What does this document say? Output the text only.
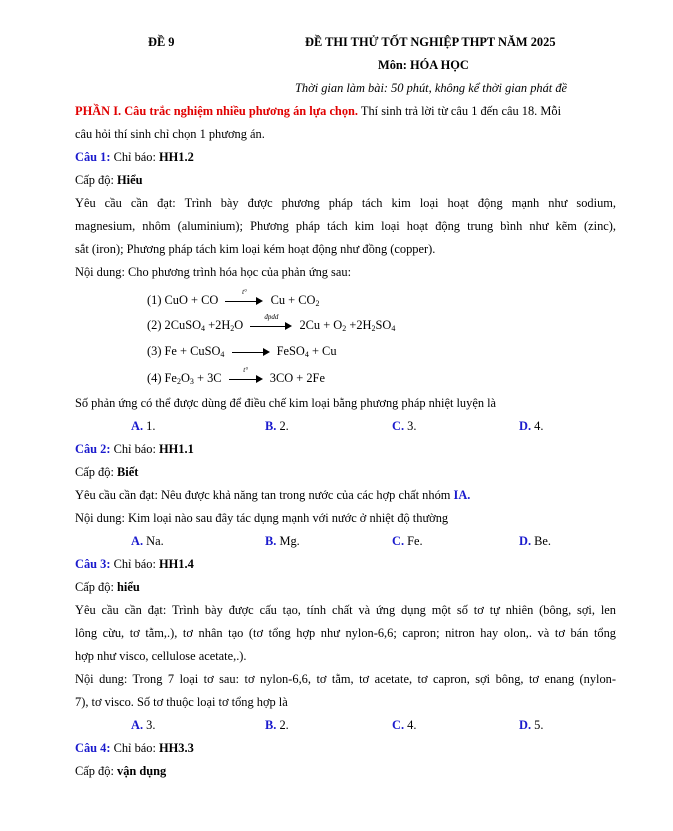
ĐỀ 9	ĐỀ THI THỬ TỐT NGHIỆP THPT NĂM 2025
Môn: HÓA HỌC
Thời gian làm bài: 50 phút, không kể thời gian phát đề
PHẦN I. Câu trắc nghiệm nhiều phương án lựa chọn. Thí sinh trả lời từ câu 1 đến câu 18. Mỗi
câu hỏi thí sinh chỉ chọn 1 phương án.
Câu 1: Chỉ báo: HH1.2
Cấp độ: Hiểu
Yêu cầu cần đạt: Trình bày được phương pháp tách kim loại hoạt động mạnh như sodium,
magnesium, nhôm (aluminium); Phương pháp tách kim loại hoạt động trung bình như kẽm (zinc),
sắt (iron); Phương pháp tách kim loại kém hoạt động như đồng (copper).
Nội dung: Cho phương trình hóa học của phản ứng sau:
(1) CuO + CO
t°
$Cu + CO_2$
(2) 2CuSO$_4$ $+2H_2O$
đpdd
$2Cu + O_2 +2H_2SO_4$
(3) Fe + CuSO$_4$	FeSO$_4$ + Cu
(4) $Fe_2O_3 + 3C$
t°
3CO + 2Fe
Số phản ứng có thể được dùng để điều chế kim loại bằng phương pháp nhiệt luyện là
A. 1.	B. 2.	C. 3.	D. 4.
Câu 2: Chỉ báo: HH1.1
Cấp độ: Biết
Yêu cầu cần đạt: Nêu được khả năng tan trong nước của các hợp chất nhóm IA.
Nội dung: Kim loại nào sau đây tác dụng mạnh với nước ở nhiệt độ thường
A. Na.	B. Mg.	C. Fe.	D. Be.
Câu 3: Chỉ báo: HH1.4
Cấp độ: hiểu
Yêu cầu cần đạt: Trình bày được cấu tạo, tính chất và ứng dụng một số tơ tự nhiên (bông, sợi, len
lông cừu, tơ tằm,.), tơ nhân tạo (tơ tổng hợp như nylon-6,6; capron; nitron hay olon,. và tơ bán tổng
hợp như visco, cellulose acetate,.).
Nội dung: Trong 7 loại tơ sau: tơ nylon-6,6, tơ tằm, tơ acetate, tơ capron, sợi bông, tơ enang (nylon-
7), tơ visco. Số tơ thuộc loại tơ tổng hợp là
A. 3.	B. 2.	C. 4.	D. 5.
Câu 4: Chỉ báo: HH3.3
Cấp độ: vận dụng
